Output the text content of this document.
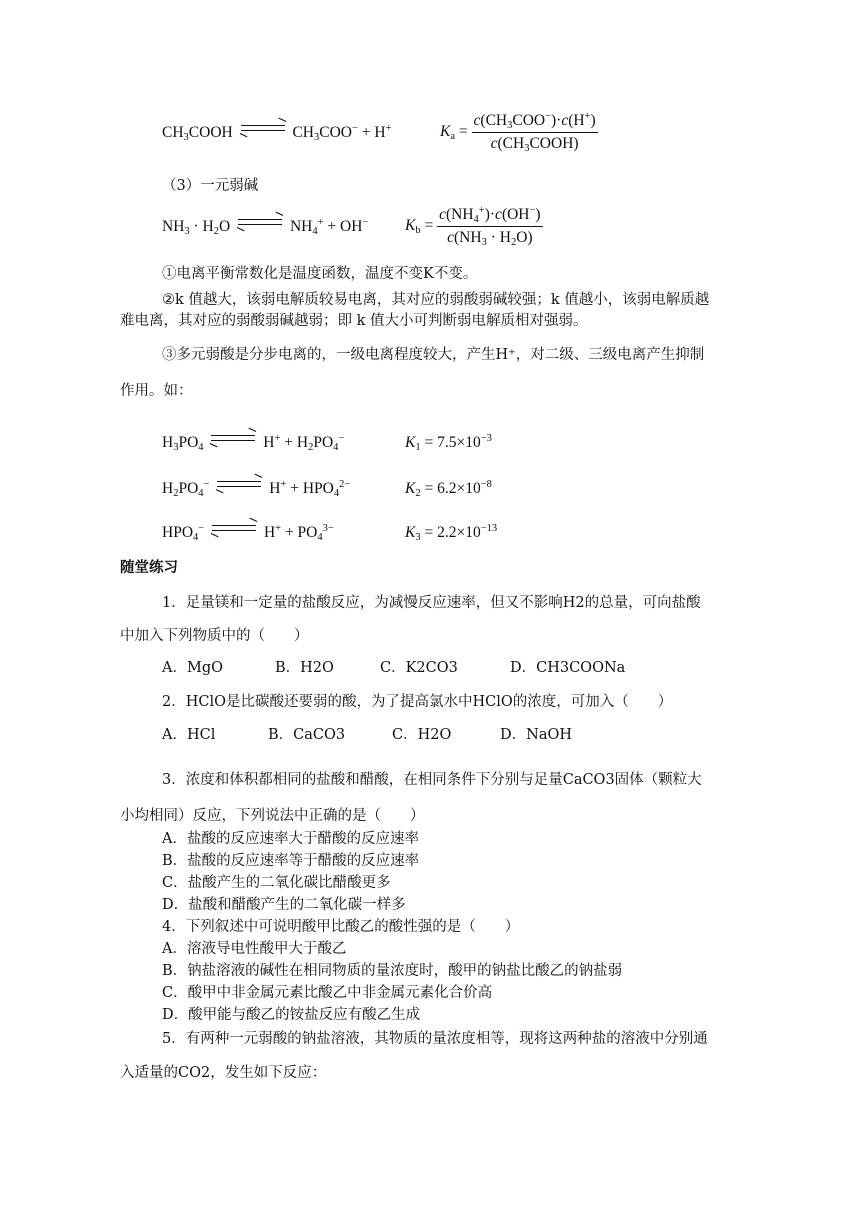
$CH_3COOH$	$CH_3COO^- + H^+$	$K_a = \frac{c(CH_3COO^-)\cdot c(H^+)}{c(CH_3COOH)}$
（3）一元弱碱
$NH_3 \cdot H_2O$	$NH_4^+ + OH^-$ $K_b = \frac{c(NH_4^+)\cdot c(OH^-)}{c(NH_3 \cdot H_2O)}$
①电离平衡常数化是温度函数，温度不变K不变。
②k 值越大，该弱电解质较易电离，其对应的弱酸弱碱较强；k 值越小，该弱电解质越
难电离，其对应的弱酸弱碱越弱；即 k 值大小可判断弱电解质相对强弱。
③多元弱酸是分步电离的，一级电离程度较大，产生H⁺，对二级、三级电离产生抑制
作用。如：
$H_3PO_4$	$H^+ + H_2PO_4^-$	$K_1 = 7.5\times 10^{-3}$
$H_2PO_4^-$	$H^+ + HPO_4^{2-}$	$K_2 = 6.2\times 10^{-8}$
$HPO_4^-$	$H^+ + PO_4^{3-}$	$K_3 = 2.2\times 10^{-13}$
随堂练习
1．足量镁和一定量的盐酸反应，为减慢反应速率，但又不影响H2的总量，可向盐酸
中加入下列物质中的（　　）
A．MgO	B．H2O	C．K2CO3	D．CH3COONa
2．HClO是比碳酸还要弱的酸，为了提高氯水中HClO的浓度，可加入（　　）
A．HCl	B．CaCO3	C．H2O	D．NaOH
3．浓度和体积都相同的盐酸和醋酸，在相同条件下分别与足量CaCO3固体（颗粒大
小均相同）反应，下列说法中正确的是（　　）
A．盐酸的反应速率大于醋酸的反应速率
B．盐酸的反应速率等于醋酸的反应速率
C．盐酸产生的二氧化碳比醋酸更多
D．盐酸和醋酸产生的二氧化碳一样多
4．下列叙述中可说明酸甲比酸乙的酸性强的是（　　）
A．溶液导电性酸甲大于酸乙
B．钠盐溶液的碱性在相同物质的量浓度时，酸甲的钠盐比酸乙的钠盐弱
C．酸甲中非金属元素比酸乙中非金属元素化合价高
D．酸甲能与酸乙的铵盐反应有酸乙生成
5．有两种一元弱酸的钠盐溶液，其物质的量浓度相等，现将这两种盐的溶液中分别通
入适量的CO2，发生如下反应：
